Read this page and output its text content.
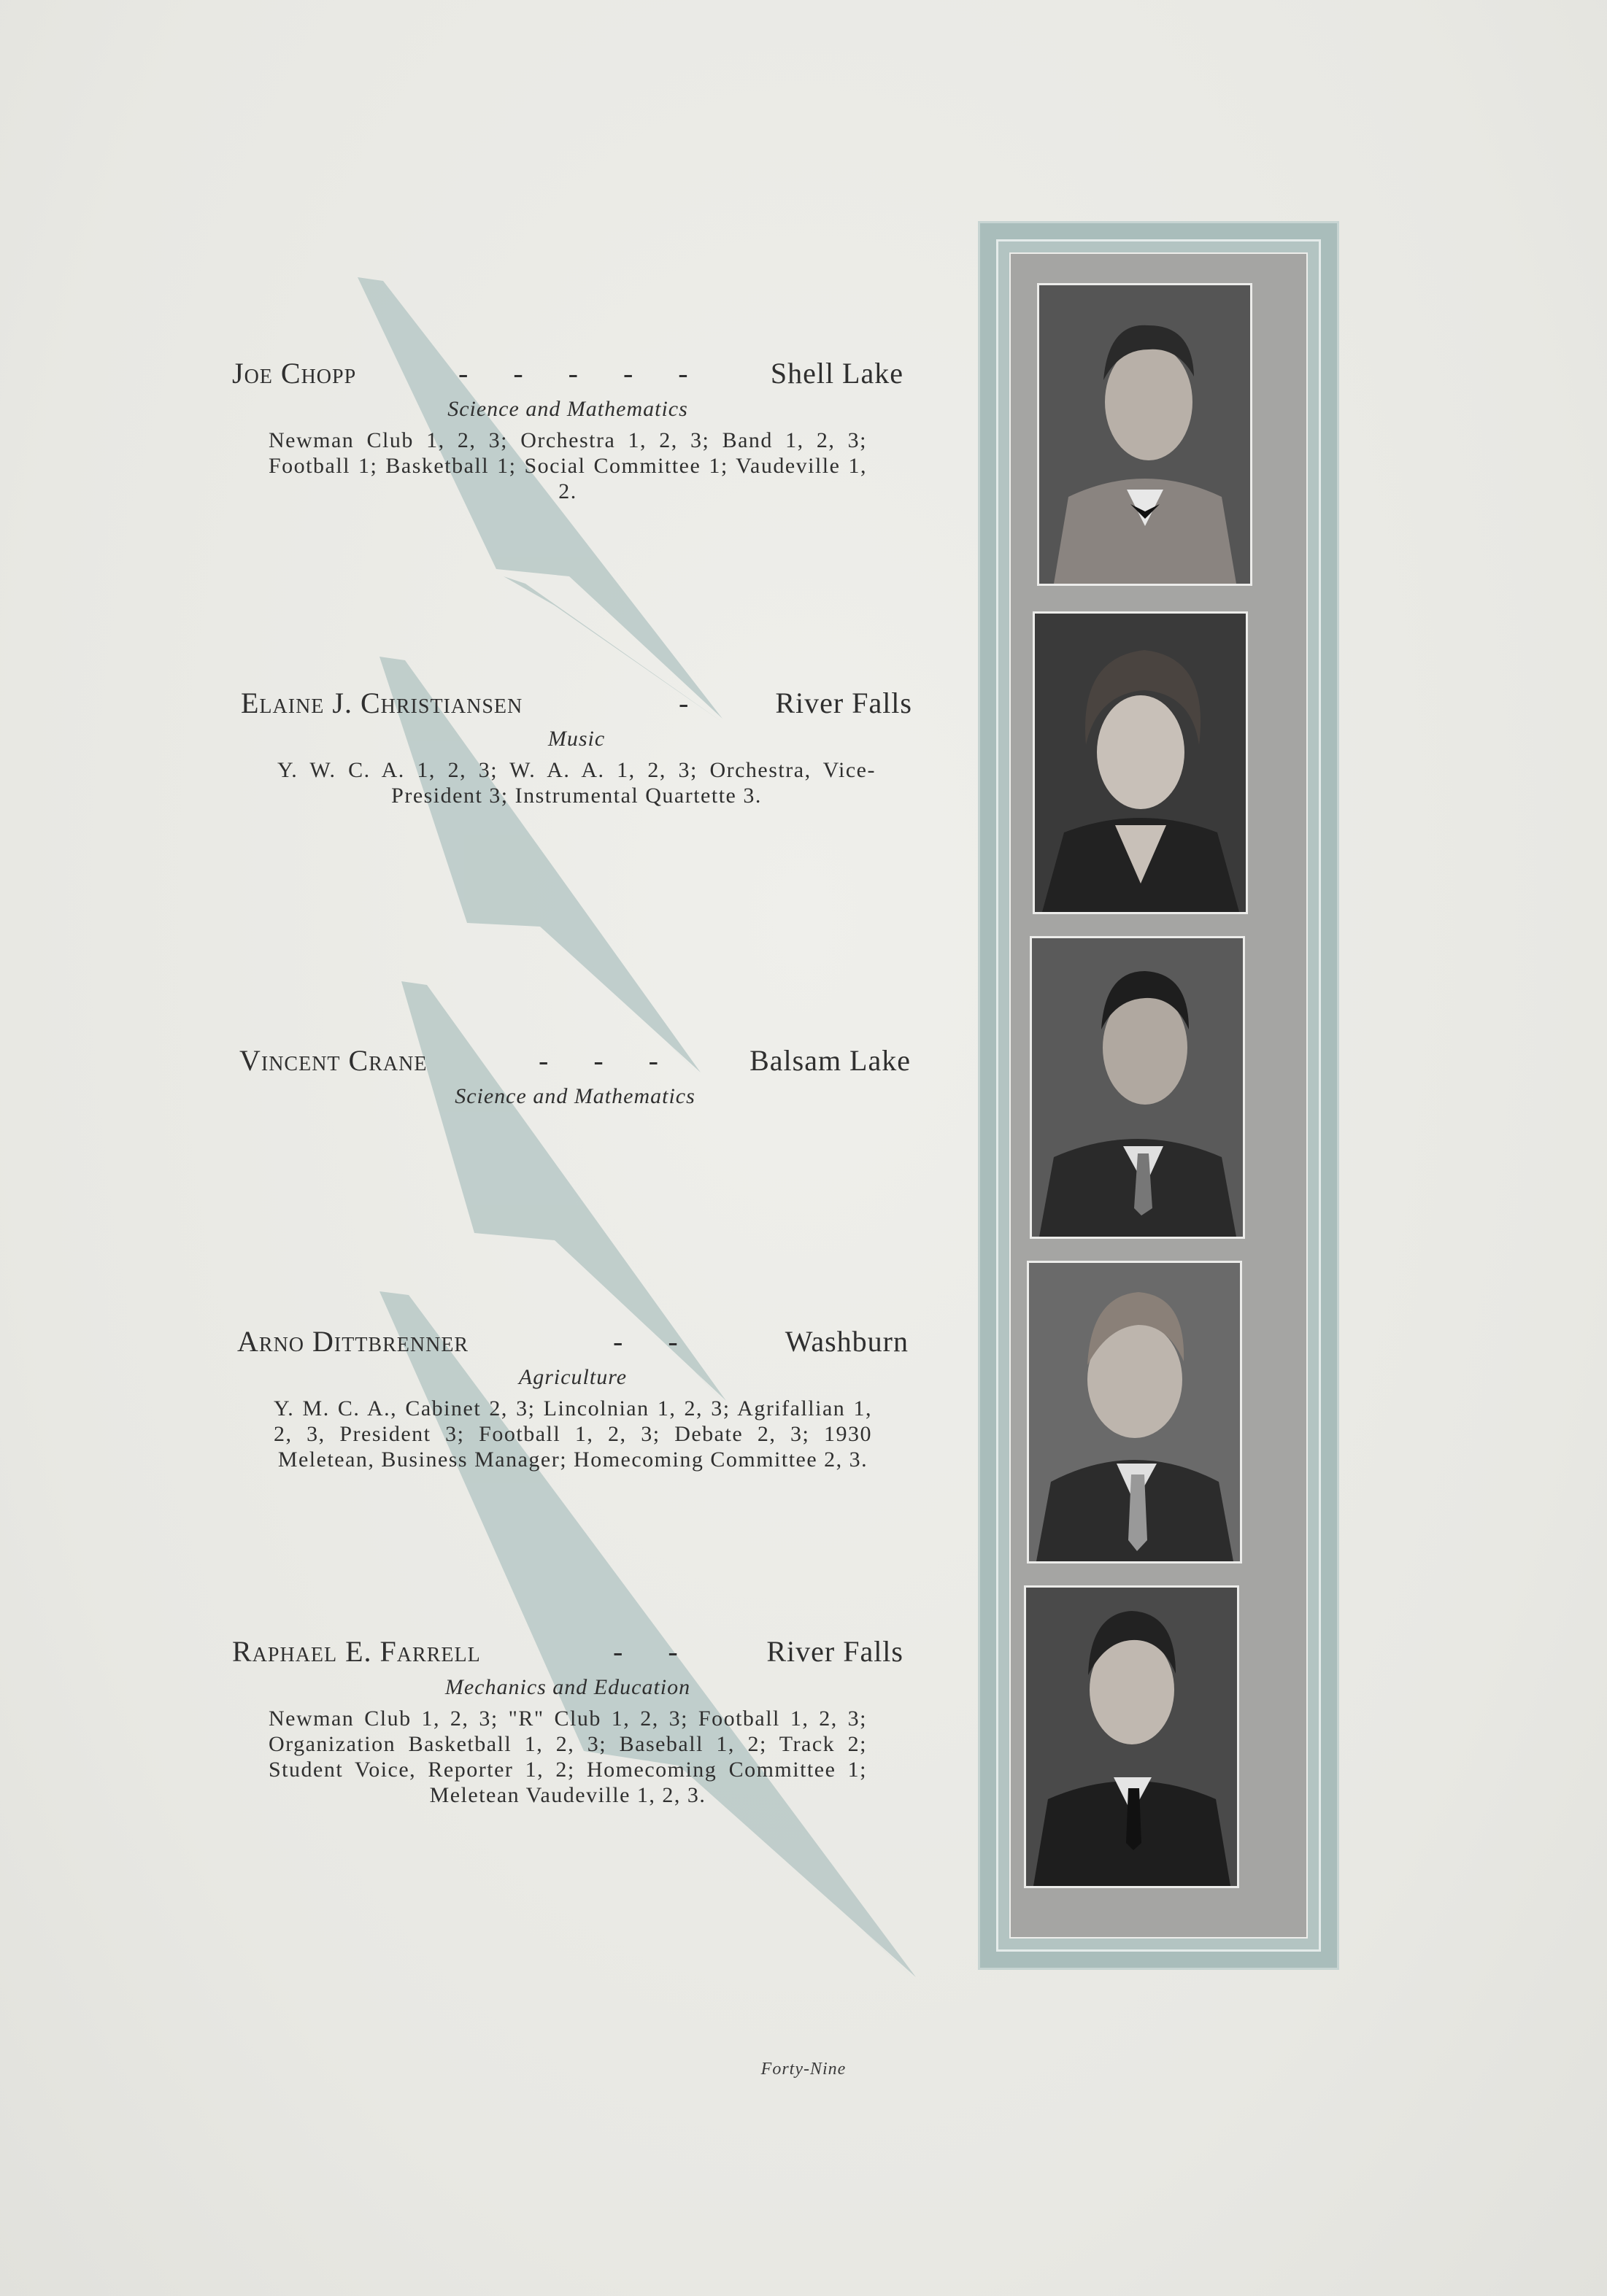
Joe Chopp	-     -     -     -     -	Shell Lake
Science and Mathematics
Newman Club 1, 2, 3; Orchestra 1, 2, 3; Band 1, 2, 3; Football 1; Basketball 1; Social Committee 1; Vaudeville 1, 2.
Elaine J. Christiansen	-	River Falls
Music
Y. W. C. A. 1, 2, 3; W. A. A. 1, 2, 3; Orchestra, Vice-President 3; Instrumental Quartette 3.
Vincent Crane	-     -     -	Balsam Lake
Science and Mathematics
Arno Dittbrenner	-     -	Washburn
Agriculture
Y. M. C. A., Cabinet 2, 3; Lincolnian 1, 2, 3; Agrifallian 1, 2, 3, President 3; Football 1, 2, 3; Debate 2, 3; 1930 Meletean, Business Manager; Homecoming Committee 2, 3.
Raphael E. Farrell	-     -	River Falls
Mechanics and Education
Newman Club 1, 2, 3; "R" Club 1, 2, 3; Football 1, 2, 3; Organization Basketball 1, 2, 3; Baseball 1, 2; Track 2; Student Voice, Reporter 1, 2; Homecoming Committee 1; Meletean Vaudeville 1, 2, 3.
Forty-Nine
